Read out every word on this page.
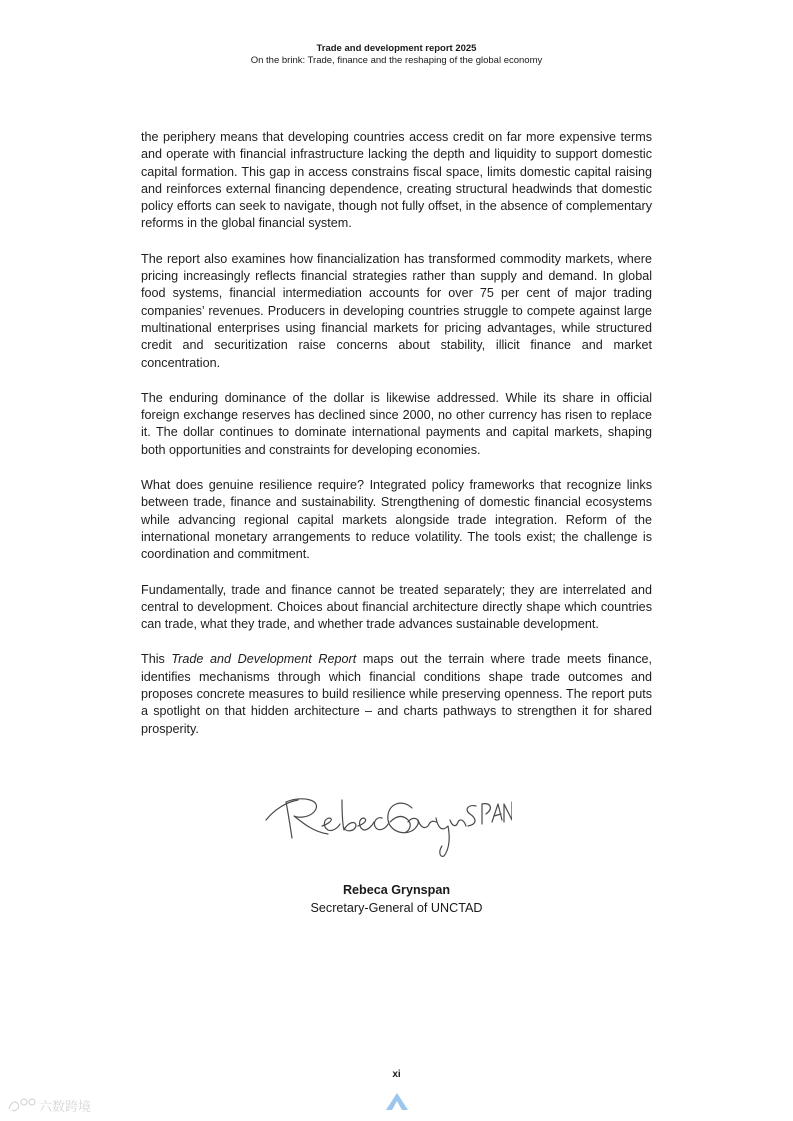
Trade and development report 2025
On the brink: Trade, finance and the reshaping of the global economy

the periphery means that developing countries access credit on far more expensive terms and operate with financial infrastructure lacking the depth and liquidity to support domestic capital formation. This gap in access constrains fiscal space, limits domestic capital raising and reinforces external financing dependence, creating structural headwinds that domestic policy efforts can seek to navigate, though not fully offset, in the absence of complementary reforms in the global financial system.

The report also examines how financialization has transformed commodity markets, where pricing increasingly reflects financial strategies rather than supply and demand. In global food systems, financial intermediation accounts for over 75 per cent of major trading companies’ revenues. Producers in developing countries struggle to compete against large multinational enterprises using financial markets for pricing advantages, while structured credit and securitization raise concerns about stability, illicit finance and market concentration.

The enduring dominance of the dollar is likewise addressed. While its share in official foreign exchange reserves has declined since 2000, no other currency has risen to replace it. The dollar continues to dominate international payments and capital markets, shaping both opportunities and constraints for developing economies.

What does genuine resilience require? Integrated policy frameworks that recognize links between trade, finance and sustainability. Strengthening of domestic financial ecosystems while advancing regional capital markets alongside trade integration. Reform of the international monetary arrangements to reduce volatility. The tools exist; the challenge is coordination and commitment.

Fundamentally, trade and finance cannot be treated separately; they are interrelated and central to development. Choices about financial architecture directly shape which countries can trade, what they trade, and whether trade advances sustainable development.

This Trade and Development Report maps out the terrain where trade meets finance, identifies mechanisms through which financial conditions shape trade outcomes and proposes concrete measures to build resilience while preserving openness. The report puts a spotlight on that hidden architecture – and charts pathways to strengthen it for shared prosperity.

Rebeca Grynspan
Secretary-General of UNCTAD
xi
六数跨境
